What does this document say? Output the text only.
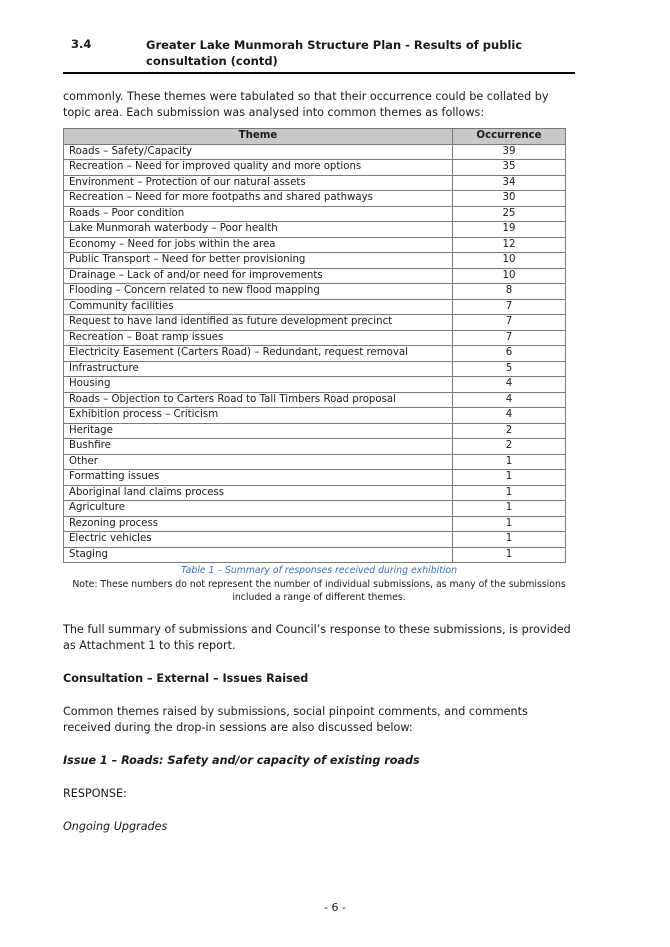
3.4	Greater Lake Munmorah Structure Plan - Results of public consultation (contd)
commonly. These themes were tabulated so that their occurrence could be collated by topic area. Each submission was analysed into common themes as follows:
Theme	Occurrence
Roads – Safety/Capacity	39
Recreation – Need for improved quality and more options	35
Environment – Protection of our natural assets	34
Recreation – Need for more footpaths and shared pathways	30
Roads – Poor condition	25
Lake Munmorah waterbody – Poor health	19
Economy – Need for jobs within the area	12
Public Transport – Need for better provisioning	10
Drainage – Lack of and/or need for improvements	10
Flooding – Concern related to new flood mapping	8
Community facilities	7
Request to have land identified as future development precinct	7
Recreation – Boat ramp issues	7
Electricity Easement (Carters Road) – Redundant, request removal	6
Infrastructure	5
Housing	4
Roads – Objection to Carters Road to Tall Timbers Road proposal	4
Exhibition process – Criticism	4
Heritage	2
Bushfire	2
Other	1
Formatting issues	1
Aboriginal land claims process	1
Agriculture	1
Rezoning process	1
Electric vehicles	1
Staging	1
Table 1 – Summary of responses received during exhibition
Note: These numbers do not represent the number of individual submissions, as many of the submissions included a range of different themes.
The full summary of submissions and Council’s response to these submissions, is provided as Attachment 1 to this report.
Consultation – External – Issues Raised
Common themes raised by submissions, social pinpoint comments, and comments received during the drop-in sessions are also discussed below:
Issue 1 – Roads: Safety and/or capacity of existing roads
RESPONSE:
Ongoing Upgrades
- 6 -
